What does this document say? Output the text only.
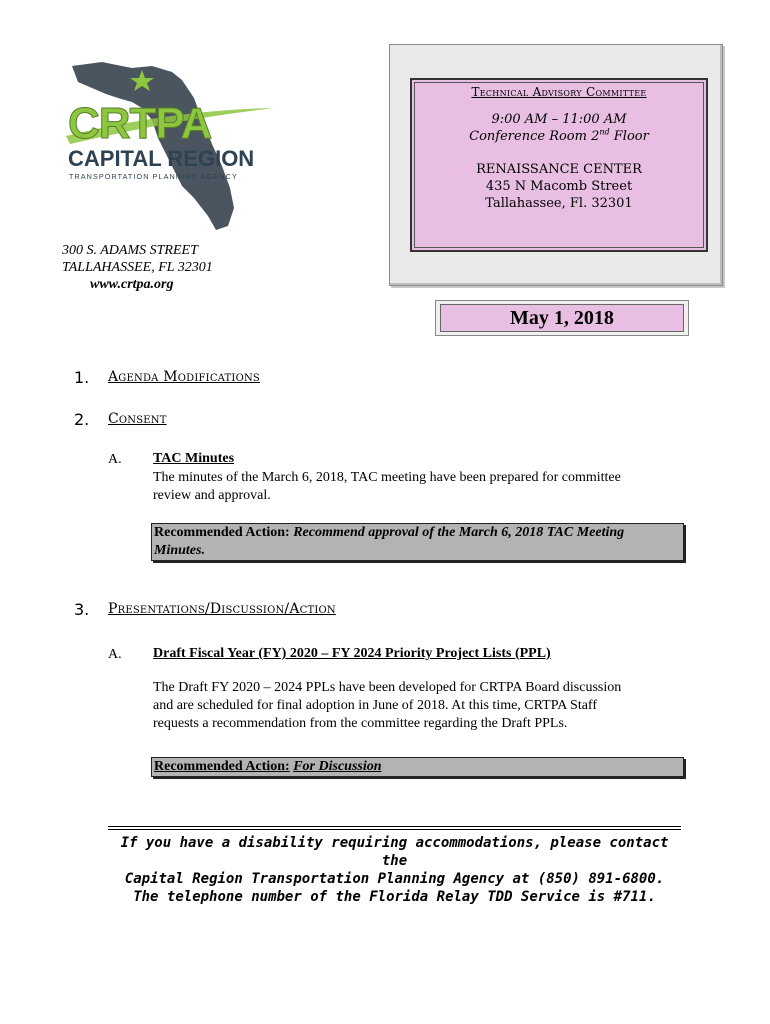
CRTPA
CAPITAL REGION
TRANSPORTATION PLANNING AGENCY
300 S. ADAMS STREET
TALLAHASSEE, FL 32301
www.crtpa.org
Technical Advisory Committee
9:00 AM – 11:00 AM
Conference Room 2nd Floor
RENAISSANCE CENTER
435 N Macomb Street
Tallahassee, Fl. 32301
May 1, 2018
1. Agenda Modifications
2. Consent
A. TAC Minutes
The minutes of the March 6, 2018, TAC meeting have been prepared for committee
review and approval.
Recommended Action: Recommend approval of the March 6, 2018 TAC Meeting
Minutes.
3. Presentations/Discussion/Action
A. Draft Fiscal Year (FY) 2020 – FY 2024 Priority Project Lists (PPL)
The Draft FY 2020 – 2024 PPLs have been developed for CRTPA Board discussion
and are scheduled for final adoption in June of 2018. At this time, CRTPA Staff
requests a recommendation from the committee regarding the Draft PPLs.
Recommended Action: For Discussion
If you have a disability requiring accommodations, please contact the
Capital Region Transportation Planning Agency at (850) 891-6800.
The telephone number of the Florida Relay TDD Service is #711.
